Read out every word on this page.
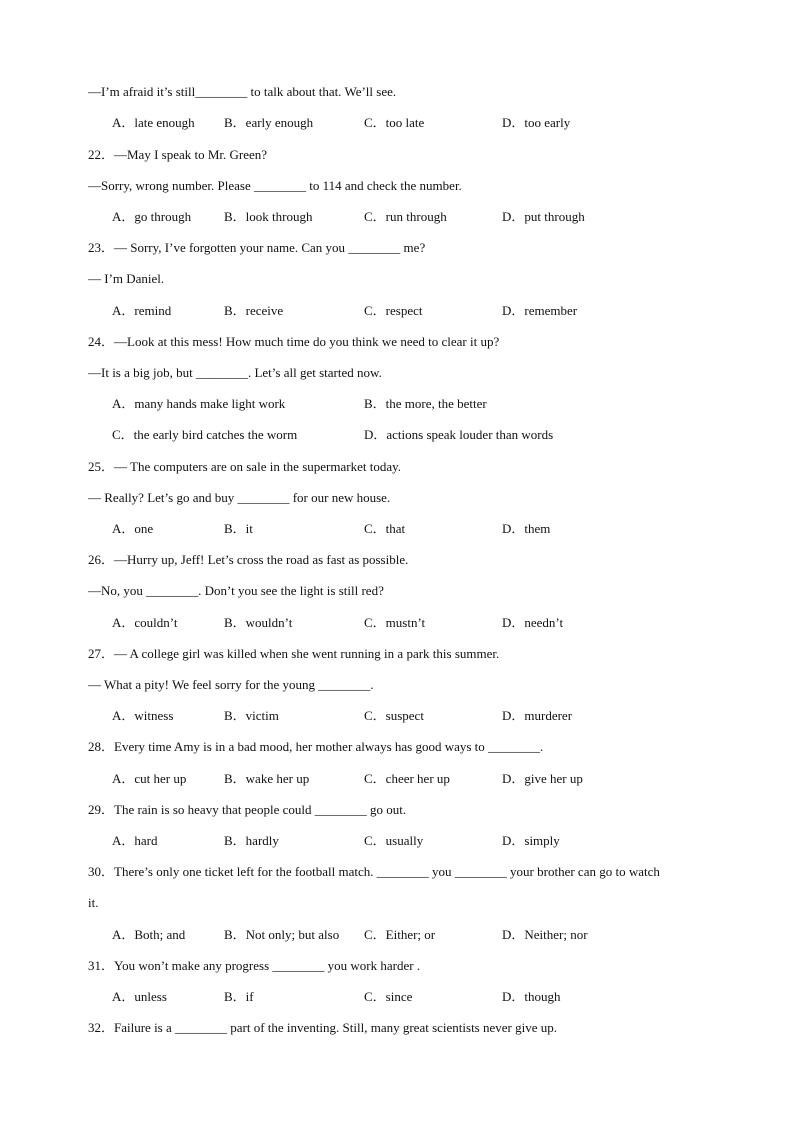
—I’m afraid it’s still________ to talk about that. We’ll see.
A．late enough B．early enough	C．too late	D．too early
22．—May I speak to Mr. Green?
—Sorry, wrong number. Please ________ to 114 and check the number.
A．go through	B．look through	C．run through	D．put through
23．— Sorry, I’ve forgotten your name. Can you ________ me?
— I’m Daniel.
A．remind	B．receive	C．respect	D．remember
24．—Look at this mess! How much time do you think we need to clear it up?
—It is a big job, but ________. Let’s all get started now.
A．many hands make light work	B．the more, the better
C．the early bird catches the worm	D．actions speak louder than words
25．— The computers are on sale in the supermarket today.
— Really? Let’s go and buy ________ for our new house.
A．one	B．it	C．that	D．them
26．—Hurry up, Jeff! Let’s cross the road as fast as possible.
—No, you ________. Don’t you see the light is still red?
A．couldn’t	B．wouldn’t	C．mustn’t	D．needn’t
27．— A college girl was killed when she went running in a park this summer.
— What a pity! We feel sorry for the young ________.
A．witness	B．victim	C．suspect	D．murderer
28．Every time Amy is in a bad mood, her mother always has good ways to ________.
A．cut her up	B．wake her up	C．cheer her up	D．give her up
29．The rain is so heavy that people could ________ go out.
A．hard	B．hardly	C．usually	D．simply
30．There’s only one ticket left for the football match. ________ you ________ your brother can go to watch
it.
A．Both; and	B．Not only; but also C．Either; or	D．Neither; nor
31．You won’t make any progress ________ you work harder .
A．unless	B．if	C．since	D．though
32．Failure is a ________ part of the inventing. Still, many great scientists never give up.
